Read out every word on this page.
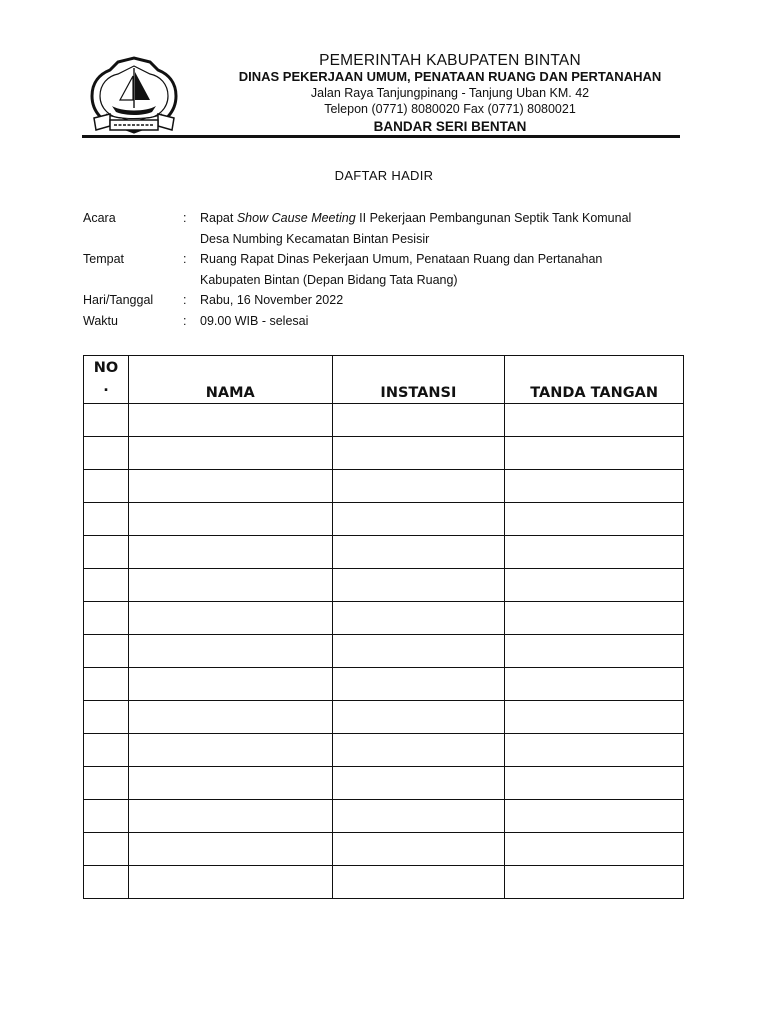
PEMERINTAH KABUPATEN BINTAN
DINAS PEKERJAAN UMUM, PENATAAN RUANG DAN PERTANAHAN
Jalan Raya Tanjungpinang - Tanjung Uban KM. 42
Telepon (0771) 8080020 Fax (0771) 8080021
BANDAR SERI BENTAN
DAFTAR HADIR
Acara	:	Rapat Show Cause Meeting II Pekerjaan Pembangunan Septik Tank Komunal
Desa Numbing Kecamatan Bintan Pesisir
Tempat	:	Ruang Rapat Dinas Pekerjaan Umum, Penataan Ruang dan Pertanahan
Kabupaten Bintan (Depan Bidang Tata Ruang)
Hari/Tanggal	:	Rabu, 16 November 2022
Waktu	:	09.00 WIB - selesai
NO
.	NAMA	INSTANSI	TANDA TANGAN
